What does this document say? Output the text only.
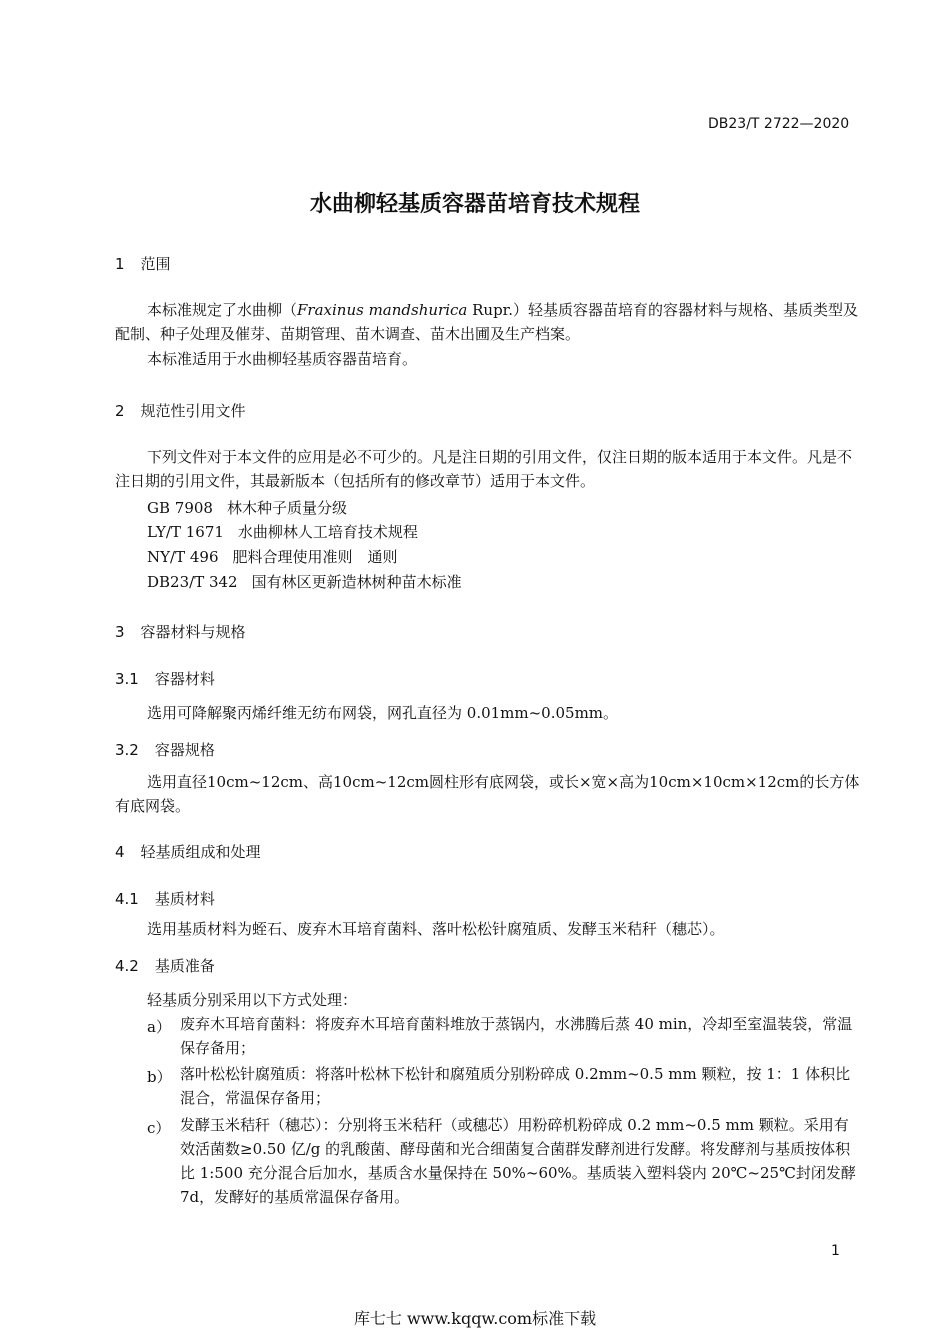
DB23/T 2722—2020
水曲柳轻基质容器苗培育技术规程
1 范围
本标准规定了水曲柳（Fraxinus mandshurica Rupr.）轻基质容器苗培育的容器材料与规格、基质类型及配制、种子处理及催芽、苗期管理、苗木调查、苗木出圃及生产档案。
本标准适用于水曲柳轻基质容器苗培育。
2 规范性引用文件
下列文件对于本文件的应用是必不可少的。凡是注日期的引用文件，仅注日期的版本适用于本文件。凡是不注日期的引用文件，其最新版本（包括所有的修改章节）适用于本文件。
GB 7908 林木种子质量分级
LY/T 1671 水曲柳林人工培育技术规程
NY/T 496 肥料合理使用准则　通则
DB23/T 342 国有林区更新造林树种苗木标准
3 容器材料与规格
3.1 容器材料
选用可降解聚丙烯纤维无纺布网袋，网孔直径为 0.01mm~0.05mm。
3.2 容器规格
选用直径10cm~12cm、高10cm~12cm圆柱形有底网袋，或长×宽×高为10cm×10cm×12cm的长方体有底网袋。
4 轻基质组成和处理
4.1 基质材料
选用基质材料为蛭石、废弃木耳培育菌料、落叶松松针腐殖质、发酵玉米秸秆（穗芯）。
4.2 基质准备
轻基质分别采用以下方式处理：
a） 废弃木耳培育菌料：将废弃木耳培育菌料堆放于蒸锅内，水沸腾后蒸 40 min，冷却至室温装袋，常温保存备用；
b） 落叶松松针腐殖质：将落叶松林下松针和腐殖质分别粉碎成 0.2mm~0.5 mm 颗粒，按 1：1 体积比混合，常温保存备用；
c） 发酵玉米秸秆（穗芯）：分别将玉米秸秆（或穗芯）用粉碎机粉碎成 0.2 mm~0.5 mm 颗粒。采用有效活菌数≥0.50 亿/g 的乳酸菌、酵母菌和光合细菌复合菌群发酵剂进行发酵。将发酵剂与基质按体积比 1:500 充分混合后加水，基质含水量保持在 50%~60%。基质装入塑料袋内 20℃~25℃封闭发酵 7d，发酵好的基质常温保存备用。
1
库七七 www.kqqw.com标准下载
